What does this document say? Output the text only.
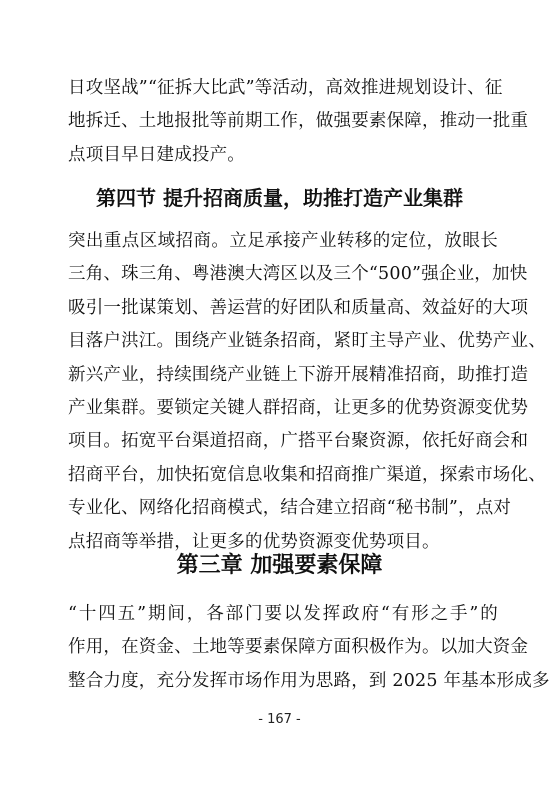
日攻坚战”“征拆大比武”等活动，高效推进规划设计、征

地拆迁、土地报批等前期工作，做强要素保障，推动一批重

点项目早日建成投产。

第四节 提升招商质量，助推打造产业集群

突出重点区域招商。立足承接产业转移的定位，放眼长

三角、珠三角、粤港澳大湾区以及三个“500”强企业，加快

吸引一批谋策划、善运营的好团队和质量高、效益好的大项

目落户洪江。围绕产业链条招商，紧盯主导产业、优势产业、

新兴产业，持续围绕产业链上下游开展精准招商，助推打造

产业集群。要锁定关键人群招商，让更多的优势资源变优势

项目。拓宽平台渠道招商，广搭平台聚资源，依托好商会和

招商平台，加快拓宽信息收集和招商推广渠道，探索市场化、

专业化、网络化招商模式，结合建立招商“秘书制”，点对

点招商等举措，让更多的优势资源变优势项目。

第三章 加强要素保障

“十四五”期间，各部门要以发挥政府“有形之手”的

作用，在资金、土地等要素保障方面积极作为。以加大资金

整合力度，充分发挥市场作用为思路，到 2025 年基本形成多

- 167 -
